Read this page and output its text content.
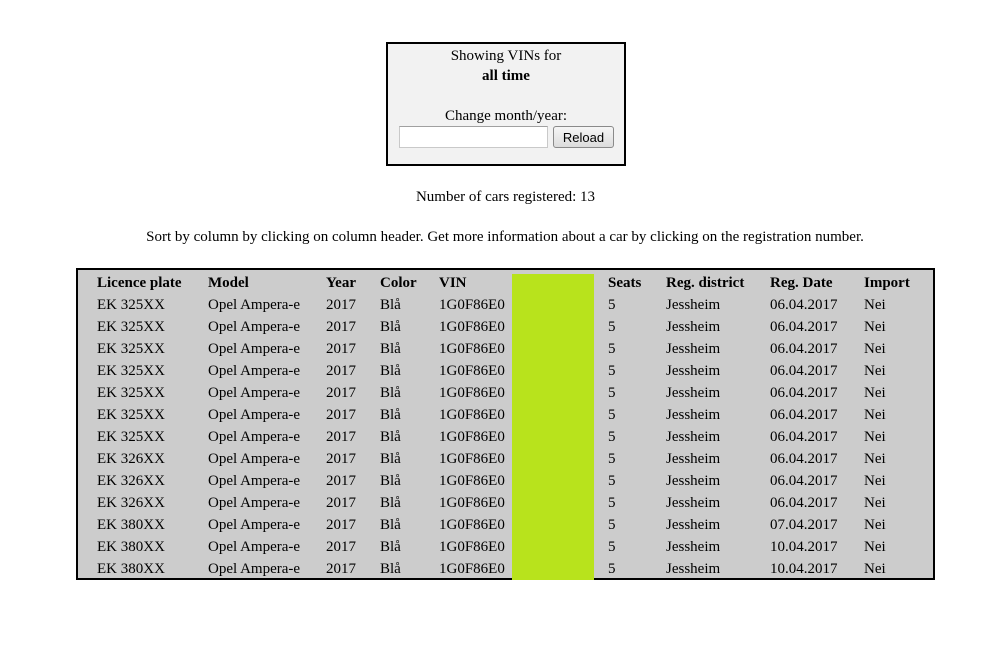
Showing VINs for
all time
Change month/year:
Reload
Number of cars registered: 13
Sort by column by clicking on column header. Get more information about a car by clicking on the registration number.
Licence plate	Model	Year	Color	VIN	Seats	Reg. district	Reg. Date	Import
EK 325XX	Opel Ampera-e	2017	Blå	1G0F86E0	5	Jessheim	06.04.2017	Nei
EK 325XX	Opel Ampera-e	2017	Blå	1G0F86E0	5	Jessheim	06.04.2017	Nei
EK 325XX	Opel Ampera-e	2017	Blå	1G0F86E0	5	Jessheim	06.04.2017	Nei
EK 325XX	Opel Ampera-e	2017	Blå	1G0F86E0	5	Jessheim	06.04.2017	Nei
EK 325XX	Opel Ampera-e	2017	Blå	1G0F86E0	5	Jessheim	06.04.2017	Nei
EK 325XX	Opel Ampera-e	2017	Blå	1G0F86E0	5	Jessheim	06.04.2017	Nei
EK 325XX	Opel Ampera-e	2017	Blå	1G0F86E0	5	Jessheim	06.04.2017	Nei
EK 326XX	Opel Ampera-e	2017	Blå	1G0F86E0	5	Jessheim	06.04.2017	Nei
EK 326XX	Opel Ampera-e	2017	Blå	1G0F86E0	5	Jessheim	06.04.2017	Nei
EK 326XX	Opel Ampera-e	2017	Blå	1G0F86E0	5	Jessheim	06.04.2017	Nei
EK 380XX	Opel Ampera-e	2017	Blå	1G0F86E0	5	Jessheim	07.04.2017	Nei
EK 380XX	Opel Ampera-e	2017	Blå	1G0F86E0	5	Jessheim	10.04.2017	Nei
EK 380XX	Opel Ampera-e	2017	Blå	1G0F86E0	5	Jessheim	10.04.2017	Nei
